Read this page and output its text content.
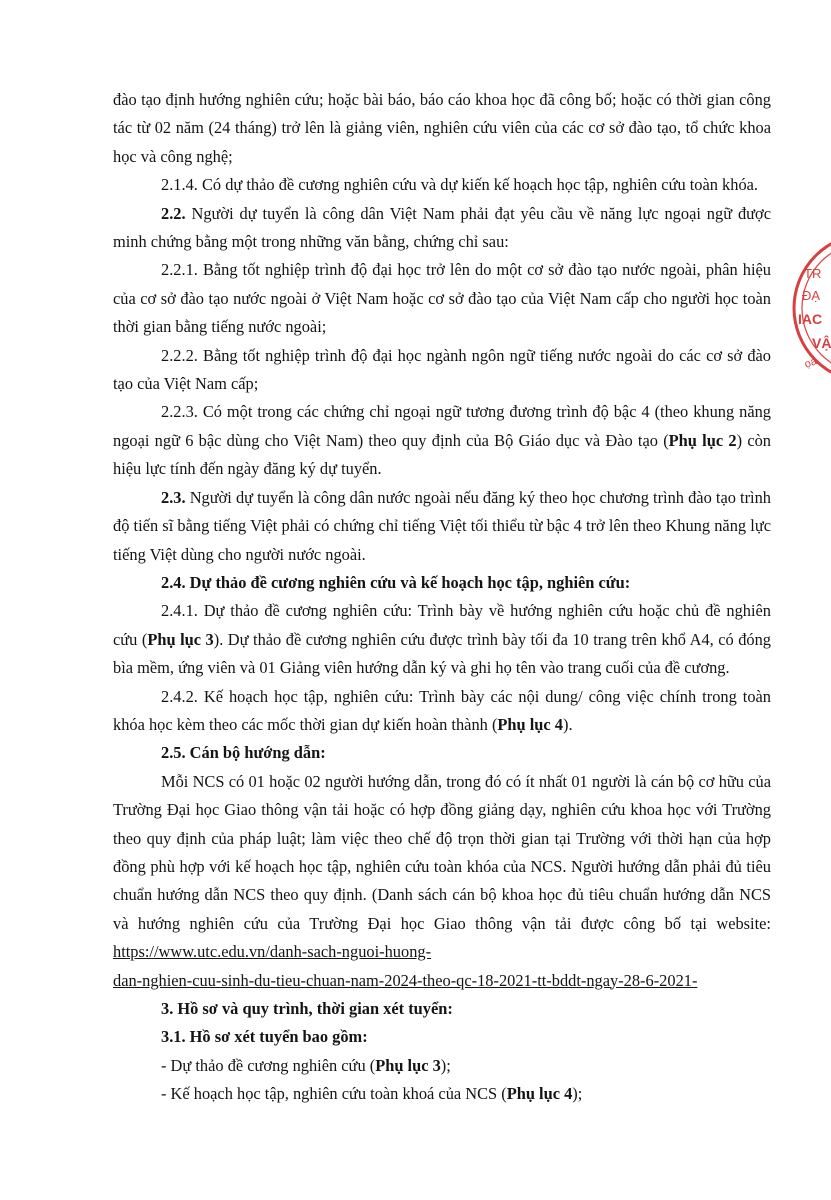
đào tạo định hướng nghiên cứu; hoặc bài báo, báo cáo khoa học đã công bố; hoặc có thời gian công tác từ 02 năm (24 tháng) trở lên là giảng viên, nghiên cứu viên của các cơ sở đào tạo, tổ chức khoa học và công nghệ;

2.1.4. Có dự thảo đề cương nghiên cứu và dự kiến kế hoạch học tập, nghiên cứu toàn khóa.

2.2. Người dự tuyển là công dân Việt Nam phải đạt yêu cầu về năng lực ngoại ngữ được minh chứng bằng một trong những văn bằng, chứng chỉ sau:

2.2.1. Bằng tốt nghiệp trình độ đại học trở lên do một cơ sở đào tạo nước ngoài, phân hiệu của cơ sở đào tạo nước ngoài ở Việt Nam hoặc cơ sở đào tạo của Việt Nam cấp cho người học toàn thời gian bằng tiếng nước ngoài;

2.2.2. Bằng tốt nghiệp trình độ đại học ngành ngôn ngữ tiếng nước ngoài do các cơ sở đào tạo của Việt Nam cấp;

2.2.3. Có một trong các chứng chỉ ngoại ngữ tương đương trình độ bậc 4 (theo khung năng ngoại ngữ 6 bậc dùng cho Việt Nam) theo quy định của Bộ Giáo dục và Đào tạo (Phụ lục 2) còn hiệu lực tính đến ngày đăng ký dự tuyển.

2.3. Người dự tuyển là công dân nước ngoài nếu đăng ký theo học chương trình đào tạo trình độ tiến sĩ bằng tiếng Việt phải có chứng chỉ tiếng Việt tối thiểu từ bậc 4 trở lên theo Khung năng lực tiếng Việt dùng cho người nước ngoài.

2.4. Dự thảo đề cương nghiên cứu và kế hoạch học tập, nghiên cứu:

2.4.1. Dự thảo đề cương nghiên cứu: Trình bày về hướng nghiên cứu hoặc chủ đề nghiên cứu (Phụ lục 3). Dự thảo đề cương nghiên cứu được trình bày tối đa 10 trang trên khổ A4, có đóng bìa mềm, ứng viên và 01 Giảng viên hướng dẫn ký và ghi họ tên vào trang cuối của đề cương.

2.4.2. Kế hoạch học tập, nghiên cứu: Trình bày các nội dung/ công việc chính trong toàn khóa học kèm theo các mốc thời gian dự kiến hoàn thành (Phụ lục 4).

2.5. Cán bộ hướng dẫn:

Mỗi NCS có 01 hoặc 02 người hướng dẫn, trong đó có ít nhất 01 người là cán bộ cơ hữu của Trường Đại học Giao thông vận tải hoặc có hợp đồng giảng dạy, nghiên cứu khoa học với Trường theo quy định của pháp luật; làm việc theo chế độ trọn thời gian tại Trường với thời hạn của hợp đồng phù hợp với kế hoạch học tập, nghiên cứu toàn khóa của NCS. Người hướng dẫn phải đủ tiêu chuẩn hướng dẫn NCS theo quy định. (Danh sách cán bộ khoa học đủ tiêu chuẩn hướng dẫn NCS và hướng nghiên cứu của Trường Đại học Giao thông vận tải được công bố tại website: https://www.utc.edu.vn/danh-sach-nguoi-huong-

dan-nghien-cuu-sinh-du-tieu-chuan-nam-2024-theo-qc-18-2021-tt-bddt-ngay-28-6-2021-

3. Hồ sơ và quy trình, thời gian xét tuyển:

3.1. Hồ sơ xét tuyển bao gồm:

- Dự thảo đề cương nghiên cứu (Phụ lục 3);

- Kế hoạch học tập, nghiên cứu toàn khoá của NCS (Phụ lục 4);

TR
ĐẠ
IAC
VẬ
ọa
